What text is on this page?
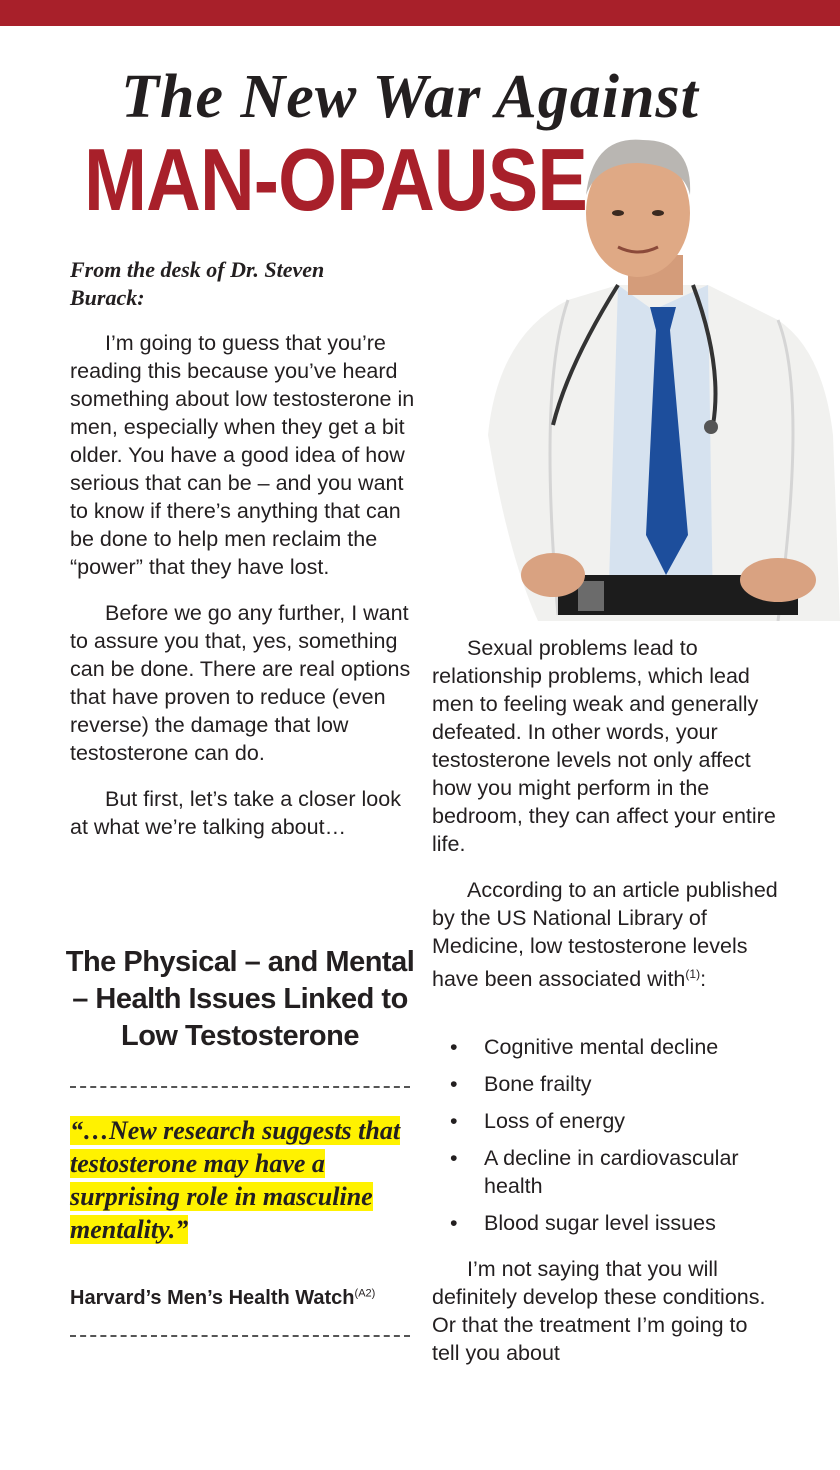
The New War Against
MAN-OPAUSE
From the desk of Dr. Steven Burack:

I’m going to guess that you’re reading this because you’ve heard something about low testosterone in men, especially when they get a bit older. You have a good idea of how serious that can be – and you want to know if there’s anything that can be done to help men reclaim the “power” that they have lost.

Before we go any further, I want to assure you that, yes, something can be done. There are real options that have proven to reduce (even reverse) the damage that low testosterone can do.

But first, let’s take a closer look at what we’re talking about…

The Physical – and Mental – Health Issues Linked to Low Testosterone
“…New research suggests that testosterone may have a surprising role in masculine mentality.”
Harvard’s Men’s Health Watch$^{(A2)}$

Sexual problems lead to relationship problems, which lead men to feeling weak and generally defeated. In other words, your testosterone levels not only affect how you might perform in the bedroom, they can affect your entire life.

According to an article published by the US National Library of Medicine, low testosterone levels have been associated with$^{(1)}$:

• Cognitive mental decline
• Bone frailty
• Loss of energy
• A decline in cardiovascular health
• Blood sugar level issues

I’m not saying that you will definitely develop these conditions. Or that the treatment I’m going to tell you about
